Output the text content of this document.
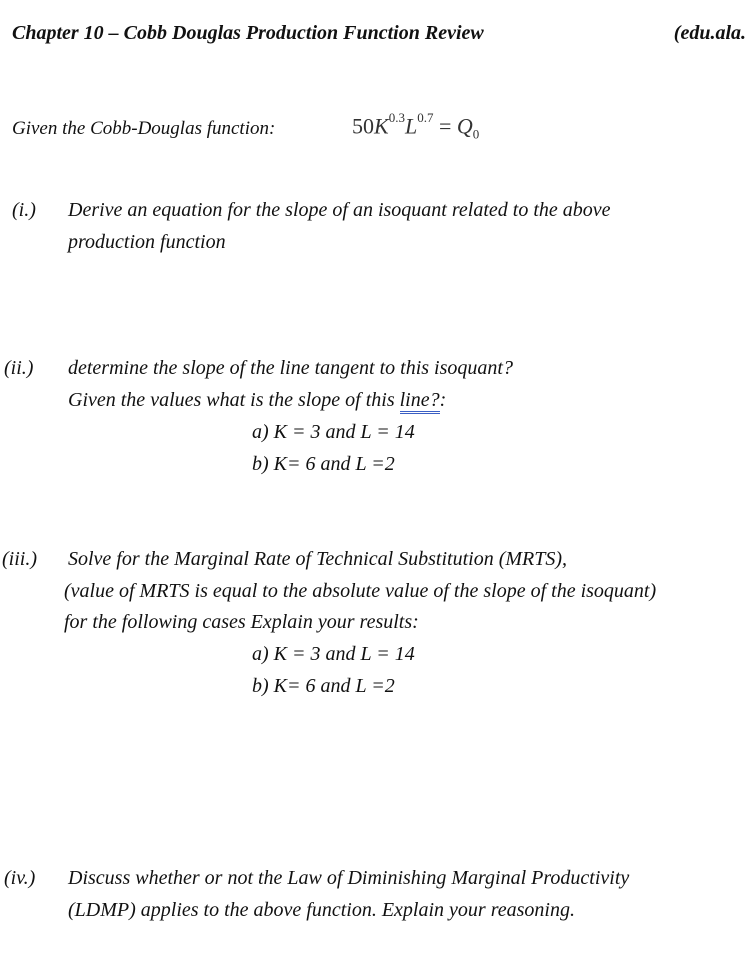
Chapter 10 – Cobb Douglas Production Function Review	(edu.ala.
Given the Cobb-Douglas function:	$50K^{0.3}L^{0.7} = Q_0$
(i.) Derive an equation for the slope of an isoquant related to the above
production function
(ii.) determine the slope of the line tangent to this isoquant?
Given the values what is the slope of this line?:
a) K = 3 and L = 14
b) K= 6 and L =2
(iii.) Solve for the Marginal Rate of Technical Substitution (MRTS),
(value of MRTS is equal to the absolute value of the slope of the isoquant)
for the following cases Explain your results:
a) K = 3 and L = 14
b) K= 6 and L =2
(iv.) Discuss whether or not the Law of Diminishing Marginal Productivity
(LDMP) applies to the above function. Explain your reasoning.
